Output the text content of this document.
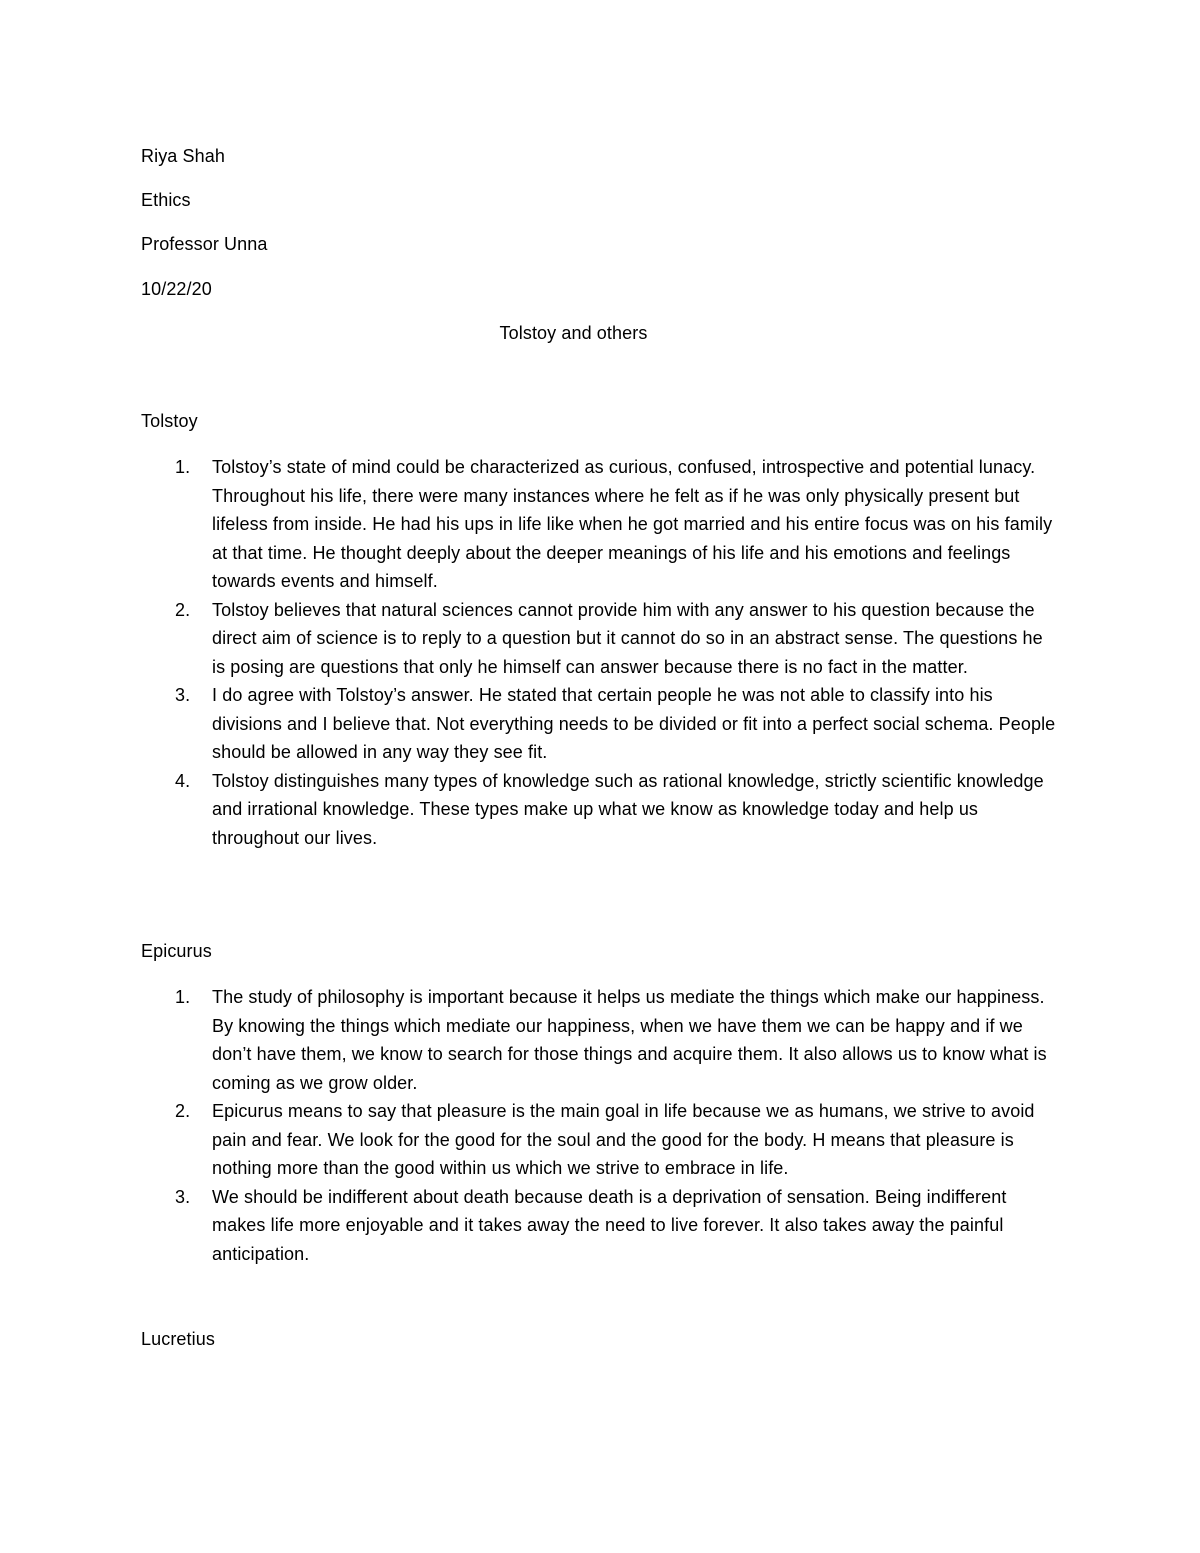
Riya Shah
Ethics
Professor Unna
10/22/20
Tolstoy and others
Tolstoy
1.	Tolstoy’s state of mind could be characterized as curious, confused, introspective and potential lunacy. Throughout his life, there were many instances where he felt as if he was only physically present but lifeless from inside. He had his ups in life like when he got married and his entire focus was on his family at that time. He thought deeply about the deeper meanings of his life and his emotions and feelings towards events and himself.
2.	Tolstoy believes that natural sciences cannot provide him with any answer to his question because the direct aim of science is to reply to a question but it cannot do so in an abstract sense. The questions he is posing are questions that only he himself can answer because there is no fact in the matter.
3.	I do agree with Tolstoy’s answer. He stated that certain people he was not able to classify into his divisions and I believe that. Not everything needs to be divided or fit into a perfect social schema. People should be allowed in any way they see fit.
4.	Tolstoy distinguishes many types of knowledge such as rational knowledge, strictly scientific knowledge and irrational knowledge. These types make up what we know as knowledge today and help us throughout our lives.
Epicurus
1.	The study of philosophy is important because it helps us mediate the things which make our happiness. By knowing the things which mediate our happiness, when we have them we can be happy and if we don’t have them, we know to search for those things and acquire them. It also allows us to know what is coming as we grow older.
2.	Epicurus means to say that pleasure is the main goal in life because we as humans, we strive to avoid pain and fear. We look for the good for the soul and the good for the body. H means that pleasure is nothing more than the good within us which we strive to embrace in life.
3.	We should be indifferent about death because death is a deprivation of sensation. Being indifferent makes life more enjoyable and it takes away the need to live forever. It also takes away the painful anticipation.
Lucretius
